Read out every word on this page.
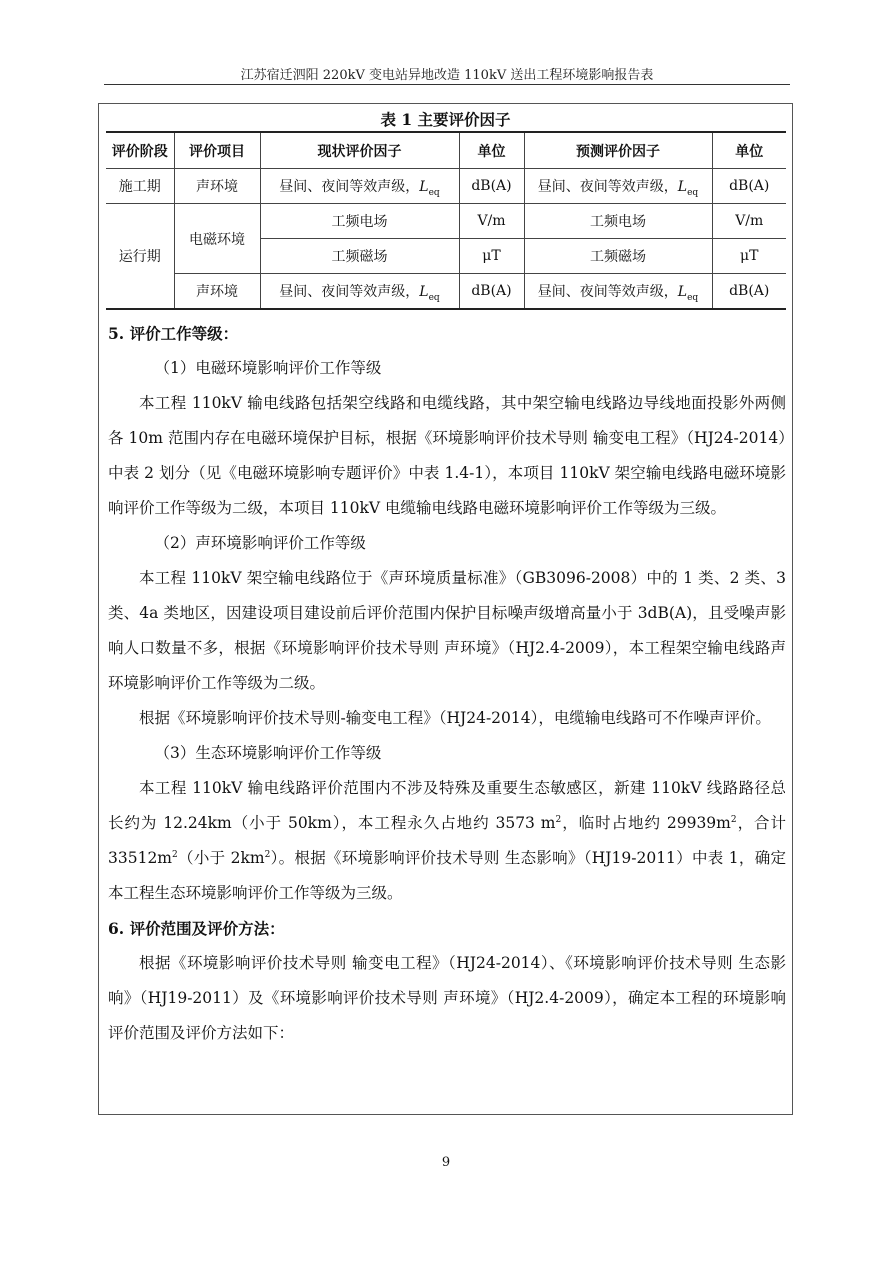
江苏宿迁泗阳 220kV 变电站异地改造 110kV 送出工程环境影响报告表
表 1 主要评价因子
评价阶段	评价项目	现状评价因子	单位	预测评价因子	单位
施工期	声环境	昼间、夜间等效声级，$L_{eq}$	dB(A)	昼间、夜间等效声级，$L_{eq}$	dB(A)
运行期	电磁环境	工频电场	V/m	工频电场	V/m
		工频磁场	μT	工频磁场	μT
	声环境	昼间、夜间等效声级，$L_{eq}$	dB(A)	昼间、夜间等效声级，$L_{eq}$	dB(A)

5. 评价工作等级：

（1）电磁环境影响评价工作等级

本工程 110kV 输电线路包括架空线路和电缆线路，其中架空输电线路边导线地面投影外两侧各 10m 范围内存在电磁环境保护目标，根据《环境影响评价技术导则 输变电工程》（HJ24-2014）中表 2 划分（见《电磁环境影响专题评价》中表 1.4-1），本项目 110kV 架空输电线路电磁环境影响评价工作等级为二级，本项目 110kV 电缆输电线路电磁环境影响评价工作等级为三级。

（2）声环境影响评价工作等级

本工程 110kV 架空输电线路位于《声环境质量标准》（GB3096-2008）中的 1 类、2 类、3 类、4a 类地区，因建设项目建设前后评价范围内保护目标噪声级增高量小于 3dB(A)，且受噪声影响人口数量不多，根据《环境影响评价技术导则 声环境》（HJ2.4-2009），本工程架空输电线路声环境影响评价工作等级为二级。

根据《环境影响评价技术导则-输变电工程》（HJ24-2014），电缆输电线路可不作噪声评价。

（3）生态环境影响评价工作等级

本工程 110kV 输电线路评价范围内不涉及特殊及重要生态敏感区，新建 110kV 线路路径总长约为 12.24km（小于 50km），本工程永久占地约 3573 $m^2$，临时占地约 $29939m^2$，合计 $33512m^2$（小于 $2km^2$）。根据《环境影响评价技术导则 生态影响》（HJ19-2011）中表 1，确定本工程生态环境影响评价工作等级为三级。

6. 评价范围及评价方法：

根据《环境影响评价技术导则 输变电工程》（HJ24-2014）、《环境影响评价技术导则 生态影响》（HJ19-2011）及《环境影响评价技术导则 声环境》（HJ2.4-2009），确定本工程的环境影响评价范围及评价方法如下：

9
